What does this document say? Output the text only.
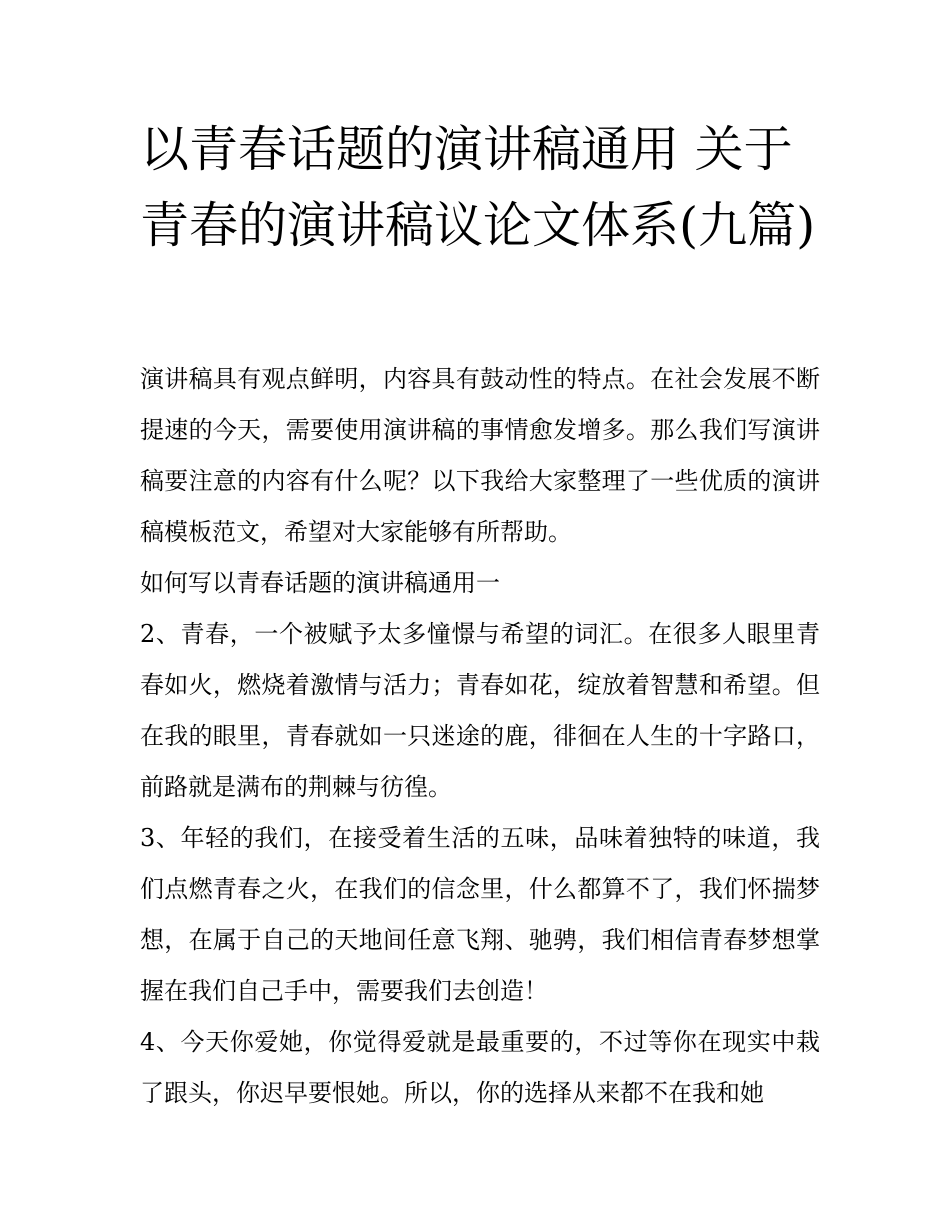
以青春话题的演讲稿通用 关于青春的演讲稿议论文体系(九篇)

演讲稿具有观点鲜明，内容具有鼓动性的特点。在社会发展不断提速的今天，需要使用演讲稿的事情愈发增多。那么我们写演讲稿要注意的内容有什么呢？以下我给大家整理了一些优质的演讲稿模板范文，希望对大家能够有所帮助。

如何写以青春话题的演讲稿通用一

2、青春，一个被赋予太多憧憬与希望的词汇。在很多人眼里青春如火，燃烧着激情与活力；青春如花，绽放着智慧和希望。但在我的眼里，青春就如一只迷途的鹿，徘徊在人生的十字路口，前路就是满布的荆棘与彷徨。

3、年轻的我们，在接受着生活的五味，品味着独特的味道，我们点燃青春之火，在我们的信念里，什么都算不了，我们怀揣梦想，在属于自己的天地间任意飞翔、驰骋，我们相信青春梦想掌握在我们自己手中，需要我们去创造！

4、今天你爱她，你觉得爱就是最重要的，不过等你在现实中栽了跟头，你迟早要恨她。所以，你的选择从来都不在我和她
